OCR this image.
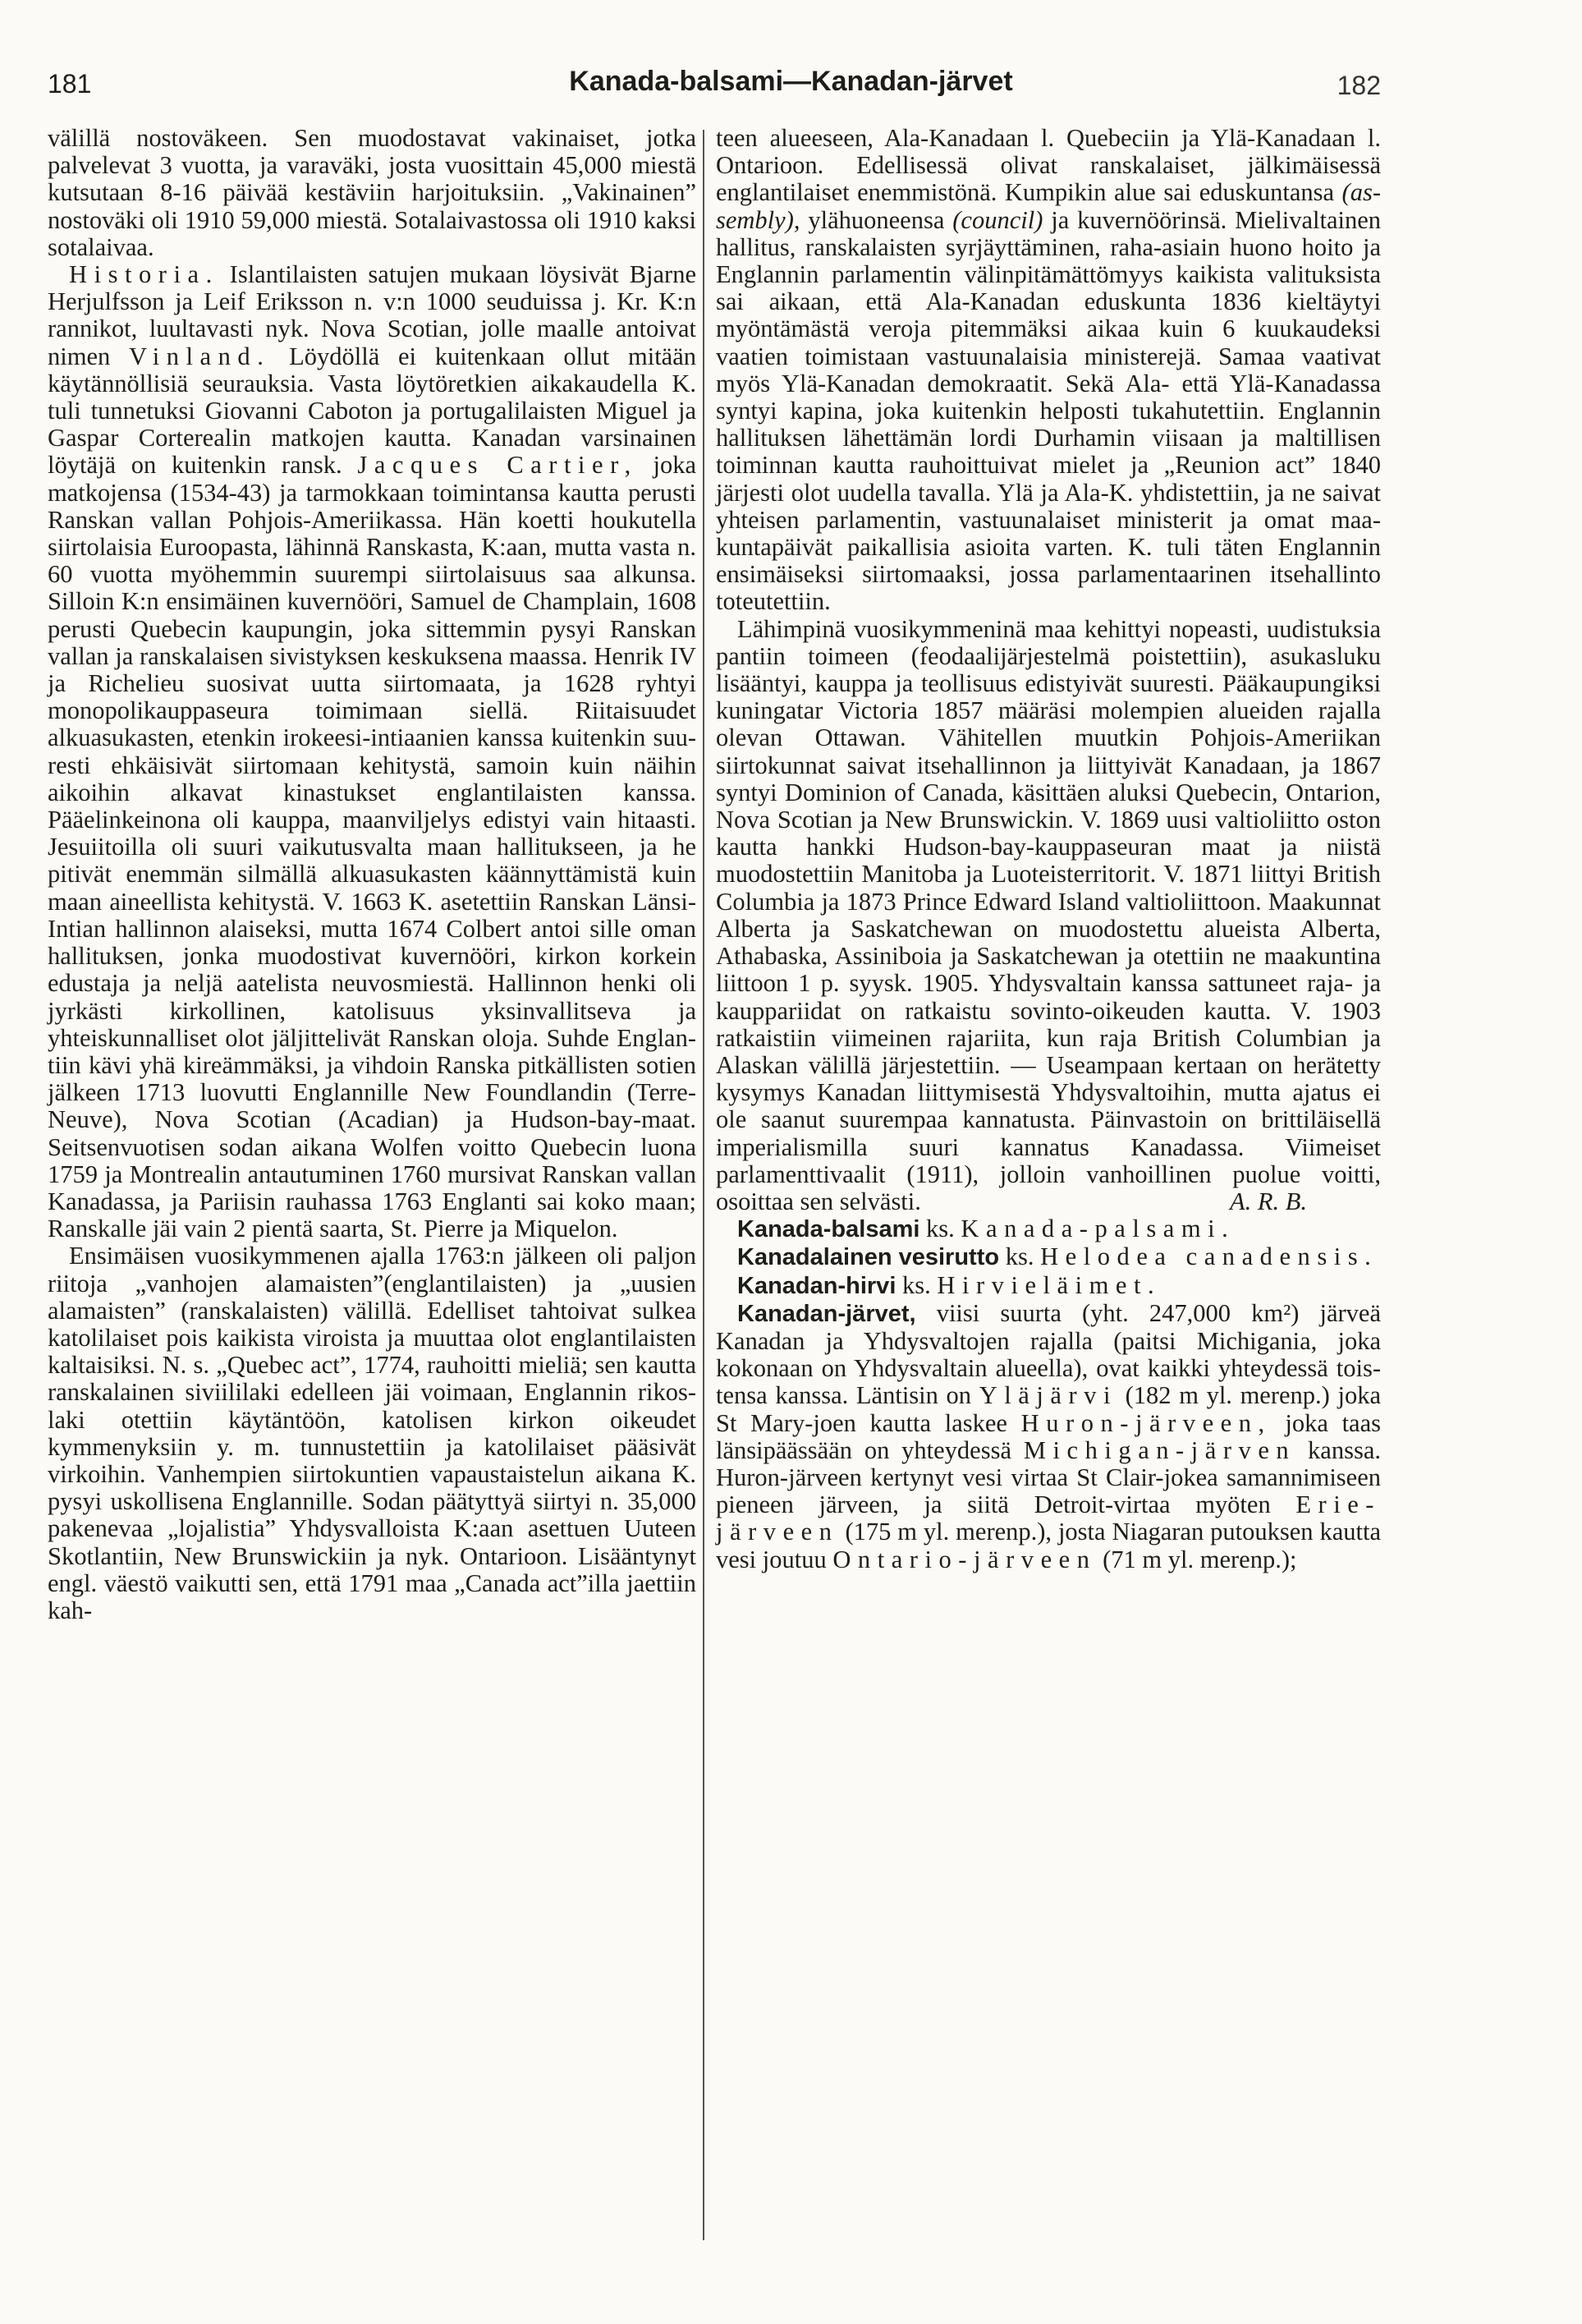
181	Kanada-balsami—Kanadan-järvet	182

välillä nostoväkeen. Sen muodostavat vakinaiset, jotka palvelevat 3 vuotta, ja varaväki, josta vuosittain 45,000 miestä kutsutaan 8-16 päivää kestäviin harjoituksiin. „Vakinainen” nostoväki oli 1910 59,000 miestä. Sotalaivastossa oli 1910 kaksi sotalaivaa.

Historia. Islantilaisten satujen mukaan löysivät Bjarne Herjulfsson ja Leif Eriksson n. v:n 1000 seuduissa j. Kr. K:n rannikot, luultavasti nyk. Nova Scotian, jolle maalle antoivat nimen Vinland. Löydöllä ei kuitenkaan ollut mitään käytännöllisiä seurauksia. Vasta löytöretkien aikakaudella K. tuli tunnetuksi Giovanni Caboton ja portugalilaisten Miguel ja Gaspar Corterealin matkojen kautta. Kanadan varsinainen löytäjä on kuitenkin ransk. Jacques Cartier, joka matkojensa (1534-43) ja tarmokkaan toimintansa kautta perusti Ranskan vallan Pohjois-Ameriikassa. Hän koetti houkutella siirtolaisia Euroopasta, lähinnä Ranskasta, K:aan, mutta vasta n. 60 vuotta myöhemmin suurempi siirtolaisuus saa alkunsa. Silloin K:n ensimäinen kuvernööri, Samuel de Champlain, 1608 perusti Quebecin kaupungin, joka sittemmin pysyi Ranskan vallan ja ranskalaisen sivistyksen keskuksena maassa. Henrik IV ja Richelieu suosivat uutta siirtomaata, ja 1628 ryhtyi monopolikauppaseura toimimaan siellä. Riitaisuudet alkuasukasten, etenkin irokeesi-intiaanien kanssa kuitenkin suuresti ehkäisivät siirtomaan kehitystä, samoin kuin näihin aikoihin alkavat kinastukset englantilaisten kanssa. Pääelinkeinona oli kauppa, maanviljelys edistyi vain hitaasti. Jesuiitoilla oli suuri vaikutusvalta maan hallitukseen, ja he pitivät enemmän silmällä alkuasukasten käännyttämistä kuin maan aineellista kehitystä. V. 1663 K. asetettiin Ranskan Länsi-Intian hallinnon alaiseksi, mutta 1674 Colbert antoi sille oman hallituksen, jonka muodostivat kuvernööri, kirkon korkein edustaja ja neljä aatelista neuvosmiestä. Hallinnon henki oli jyrkästi kirkollinen, katolisuus yksinvallitseva ja yhteiskunnalliset olot jäljittelivät Ranskan oloja. Suhde Englantiin kävi yhä kireämmäksi, ja vihdoin Ranska pitkällisten sotien jälkeen 1713 luovutti Englannille New Foundlandin (Terre-Neuve), Nova Scotian (Acadian) ja Hudson-bay-maat. Seitsenvuotisen sodan aikana Wolfen voitto Quebecin luona 1759 ja Montrealin antautuminen 1760 mursivat Ranskan vallan Kanadassa, ja Pariisin rauhassa 1763 Englanti sai koko maan; Ranskalle jäi vain 2 pientä saarta, St. Pierre ja Miquelon.

Ensimäisen vuosikymmenen ajalla 1763:n jälkeen oli paljon riitoja „vanhojen alamaisten”(englantilaisten) ja „uusien alamaisten” (ranskalaisten) välillä. Edelliset tahtoivat sulkea katolilaiset pois kaikista viroista ja muuttaa olot englantilaisten kaltaisiksi. N. s. „Quebec act”, 1774, rauhoitti mieliä; sen kautta ranskalainen siviililaki edelleen jäi voimaan, Englannin rikoslaki otettiin käytäntöön, katolisen kirkon oikeudet kymmenyksiin y. m. tunnustettiin ja katolilaiset pääsivät virkoihin. Vanhempien siirtokuntien vapaustaistelun aikana K. pysyi uskollisena Englannille. Sodan päätyttyä siirtyi n. 35,000 pakenevaa „lojalistia” Yhdysvalloista K:aan asettuen Uuteen Skotlantiin, New Brunswickiin ja nyk. Ontarioon. Lisääntynyt engl. väestö vaikutti sen, että 1791 maa „Canada act”illa jaettiin kah-

teen alueeseen, Ala-Kanadaan l. Quebeciin ja Ylä-Kanadaan l. Ontarioon. Edellisessä olivat ranskalaiset, jälkimäisessä englantilaiset enemmistönä. Kumpikin alue sai eduskuntansa (assembly), ylähuoneensa (council) ja kuvernöörinsä. Mielivaltainen hallitus, ranskalaisten syrjäyttäminen, raha-asiain huono hoito ja Englannin parlamentin välinpitämättömyys kaikista valituksista sai aikaan, että Ala-Kanadan eduskunta 1836 kieltäytyi myöntämästä veroja pitemmäksi aikaa kuin 6 kuukaudeksi vaatien toimistaan vastuunalaisia ministerejä. Samaa vaativat myös Ylä-Kanadan demokraatit. Sekä Ala- että Ylä-Kanadassa syntyi kapina, joka kuitenkin helposti tukahutettiin. Englannin hallituksen lähettämän lordi Durhamin viisaan ja maltillisen toiminnan kautta rauhoittuivat mielet ja „Reunion act” 1840 järjesti olot uudella tavalla. Ylä ja Ala-K. yhdistettiin, ja ne saivat yhteisen parlamentin, vastuunalaiset ministerit ja omat maakuntapäivät paikallisia asioita varten. K. tuli täten Englannin ensimäiseksi siirtomaaksi, jossa parlamentaarinen itsehallinto toteutettiin.

Lähimpinä vuosikymmeninä maa kehittyi nopeasti, uudistuksia pantiin toimeen (feodaalijärjestelmä poistettiin), asukasluku lisääntyi, kauppa ja teollisuus edistyivät suuresti. Pääkaupungiksi kuningatar Victoria 1857 määräsi molempien alueiden rajalla olevan Ottawan. Vähitellen muutkin Pohjois-Ameriikan siirtokunnat saivat itsehallinnon ja liittyivät Kanadaan, ja 1867 syntyi Dominion of Canada, käsittäen aluksi Quebecin, Ontarion, Nova Scotian ja New Brunswickin. V. 1869 uusi valtioliitto oston kautta hankki Hudson-bay-kauppaseuran maat ja niistä muodostettiin Manitoba ja Luoteisterritorit. V. 1871 liittyi British Columbia ja 1873 Prince Edward Island valtioliittoon. Maakunnat Alberta ja Saskatchewan on muodostettu alueista Alberta, Athabaska, Assiniboia ja Saskatchewan ja otettiin ne maakuntina liittoon 1 p. syysk. 1905. Yhdysvaltain kanssa sattuneet raja- ja kauppariidat on ratkaistu sovinto-oikeuden kautta. V. 1903 ratkaistiin viimeinen rajariita, kun raja British Columbian ja Alaskan välillä järjestettiin. — Useampaan kertaan on herätetty kysymys Kanadan liittymisestä Yhdysvaltoihin, mutta ajatus ei ole saanut suurempaa kannatusta. Päinvastoin on brittiläisellä imperialismilla suuri kannatus Kanadassa. Viimeiset parlamenttivaalit (1911), jolloin vanhoillinen puolue voitti, osoittaa sen selvästi.	A. R. B.

Kanada-balsami ks. Kanada-palsami.

Kanadalainen vesirutto ks. Helodea canadensis.

Kanadan-hirvi ks. Hirvieläimet.

Kanadan-järvet, viisi suurta (yht. 247,000 km²) järveä Kanadan ja Yhdysvaltojen rajalla (paitsi Michigania, joka kokonaan on Yhdysvaltain alueella), ovat kaikki yhteydessä toistensa kanssa. Läntisin on Yläjärvi (182 m yl. merenp.) joka St Mary-joen kautta laskee Huron-järveen, joka taas länsipäässään on yhteydessä Michigan-järven kanssa. Huron-järveen kertynyt vesi virtaa St Clair-jokea samannimiseen pieneen järveen, ja siitä Detroit-virtaa myöten Erie-järveen (175 m yl. merenp.), josta Niagaran putouksen kautta vesi joutuu Ontario-järveen (71 m yl. merenp.);
